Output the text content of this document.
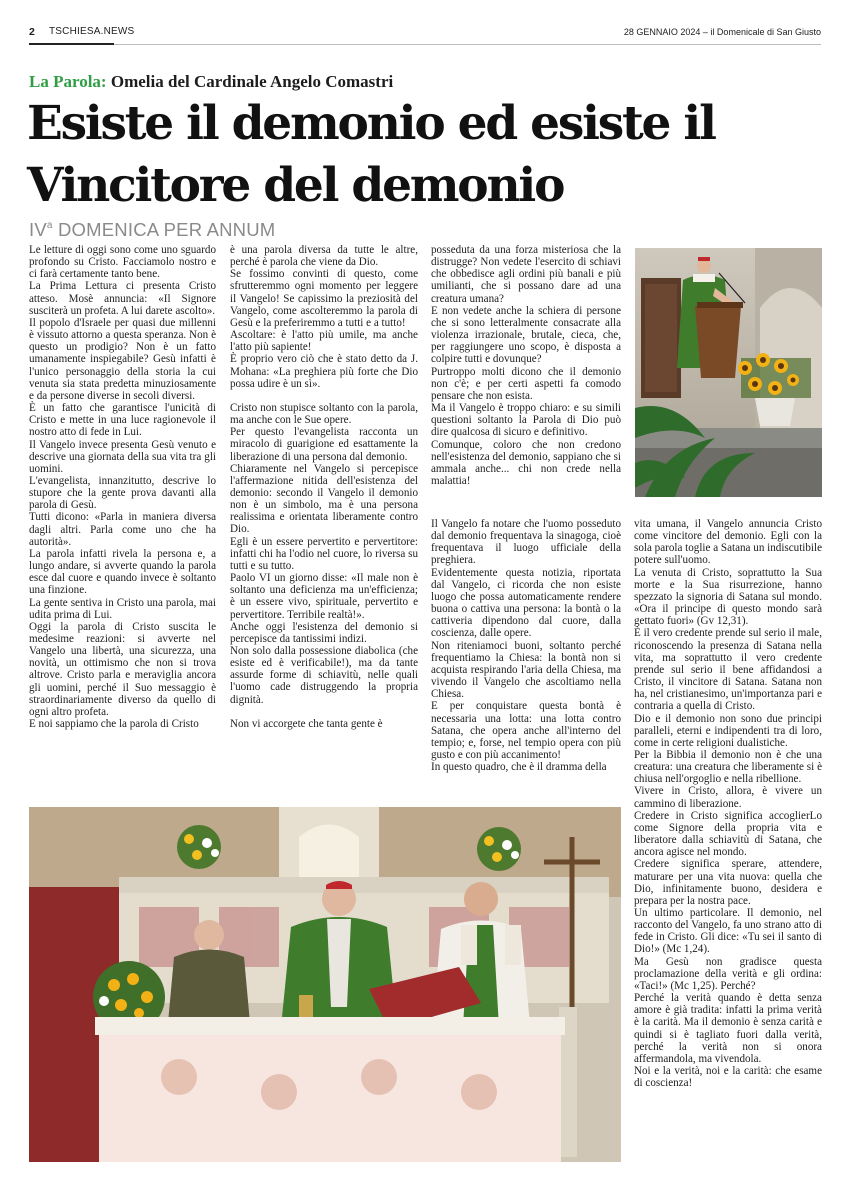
2 TSCHIESA.NEWS	28 GENNAIO 2024 – il Domenicale di San Giusto
La Parola: Omelia del Cardinale Angelo Comastri
Esiste il demonio ed esiste il
Vincitore del demonio
$IV^a$ DOMENICA PER ANNUM

Le letture di oggi sono come uno sguardo profondo su Cristo. Facciamolo nostro e ci farà certamente tanto bene.

La Prima Lettura ci presenta Cristo atteso. Mosè annuncia: «Il Signore susciterà un profeta. A lui darete ascolto».

Il popolo d'Israele per quasi due millenni è vissuto attorno a questa speranza. Non è questo un prodigio? Non è un fatto umanamente inspiegabile? Gesù infatti è l'unico personaggio della storia la cui venuta sia stata predetta minuziosamente e da persone diverse in secoli diversi.

È un fatto che garantisce l'unicità di Cristo e mette in una luce ragionevole il nostro atto di fede in Lui.

Il Vangelo invece presenta Gesù venuto e descrive una giornata della sua vita tra gli uomini.

L'evangelista, innanzitutto, descrive lo stupore che la gente prova davanti alla parola di Gesù.

Tutti dicono: «Parla in maniera diversa dagli altri. Parla come uno che ha autorità».

La parola infatti rivela la persona e, a lungo andare, si avverte quando la parola esce dal cuore e quando invece è soltanto una finzione.

La gente sentiva in Cristo una parola, mai udita prima di Lui.

Oggi la parola di Cristo suscita le medesime reazioni: si avverte nel Vangelo una libertà, una sicurezza, una novità, un ottimismo che non si trova altrove. Cristo parla e meraviglia ancora gli uomini, perché il Suo messaggio è straordinariamente diverso da quello di ogni altro profeta.

E noi sappiamo che la parola di Cristo

è una parola diversa da tutte le altre, perché è parola che viene da Dio.

Se fossimo convinti di questo, come sfrutteremmo ogni momento per leggere il Vangelo! Se capissimo la preziosità del Vangelo, come ascolteremmo la parola di Gesù e la preferiremmo a tutti e a tutto!

Ascoltare: è l'atto più umile, ma anche l'atto più sapiente!

È proprio vero ciò che è stato detto da J. Mohana: «La preghiera più forte che Dio possa udire è un sì».

Cristo non stupisce soltanto con la parola, ma anche con le Sue opere.

Per questo l'evangelista racconta un miracolo di guarigione ed esattamente la liberazione di una persona dal demonio.

Chiaramente nel Vangelo si percepisce l'affermazione nitida dell'esistenza del demonio: secondo il Vangelo il demonio non è un simbolo, ma è una persona realissima e orientata liberamente contro Dio.

Egli è un essere pervertito e pervertitore: infatti chi ha l'odio nel cuore, lo riversa su tutti e su tutto.

Paolo VI un giorno disse: «Il male non è soltanto una deficienza ma un'efficienza; è un essere vivo, spirituale, pervertito e pervertitore. Terribile realtà!».

Anche oggi l'esistenza del demonio si percepisce da tantissimi indizi.

Non solo dalla possessione diabolica (che esiste ed è verificabile!), ma da tante assurde forme di schiavitù, nelle quali l'uomo cade distruggendo la propria dignità.

Non vi accorgete che tanta gente è

posseduta da una forza misteriosa che la distrugge? Non vedete l'esercito di schiavi che obbedisce agli ordini più banali e più umilianti, che si possano dare ad una creatura umana?

E non vedete anche la schiera di persone che si sono letteralmente consacrate alla violenza irrazionale, brutale, cieca, che, per raggiungere uno scopo, è disposta a colpire tutti e dovunque?

Purtroppo molti dicono che il demonio non c'è; e per certi aspetti fa comodo pensare che non esista.

Ma il Vangelo è troppo chiaro: e su simili questioni soltanto la Parola di Dio può dire qualcosa di sicuro e definitivo.

Comunque, coloro che non credono nell'esistenza del demonio, sappiano che si ammala anche... chi non crede nella malattia!

Il Vangelo fa notare che l'uomo posseduto dal demonio frequentava la sinagoga, cioè frequentava il luogo ufficiale della preghiera.

Evidentemente questa notizia, riportata dal Vangelo, ci ricorda che non esiste luogo che possa automaticamente rendere buona o cattiva una persona: la bontà o la cattiveria dipendono dal cuore, dalla coscienza, dalle opere.

Non riteniamoci buoni, soltanto perché frequentiamo la Chiesa: la bontà non si acquista respirando l'aria della Chiesa, ma vivendo il Vangelo che ascoltiamo nella Chiesa.

E per conquistare questa bontà è necessaria una lotta: una lotta contro Satana, che opera anche all'interno del tempio; e, forse, nel tempio opera con più gusto e con più accanimento!

In questo quadro, che è il dramma della

vita umana, il Vangelo annuncia Cristo come vincitore del demonio. Egli con la sola parola toglie a Satana un indiscutibile potere sull'uomo.

La venuta di Cristo, soprattutto la Sua morte e la Sua risurrezione, hanno spezzato la signoria di Satana sul mondo. «Ora il principe di questo mondo sarà gettato fuori» (Gv 12,31).

È il vero credente prende sul serio il male, riconoscendo la presenza di Satana nella vita, ma soprattutto il vero credente prende sul serio il bene affidandosi a Cristo, il vincitore di Satana. Satana non ha, nel cristianesimo, un'importanza pari e contraria a quella di Cristo.

Dio e il demonio non sono due principi paralleli, eterni e indipendenti tra di loro, come in certe religioni dualistiche.

Per la Bibbia il demonio non è che una creatura: una creatura che liberamente si è chiusa nell'orgoglio e nella ribellione.

Vivere in Cristo, allora, è vivere un cammino di liberazione.

Credere in Cristo significa accoglierLo come Signore della propria vita e liberatore dalla schiavitù di Satana, che ancora agisce nel mondo.

Credere significa sperare, attendere, maturare per una vita nuova: quella che Dio, infinitamente buono, desidera e prepara per la nostra pace.

Un ultimo particolare. Il demonio, nel racconto del Vangelo, fa uno strano atto di fede in Cristo. Gli dice: «Tu sei il santo di Dio!» (Mc 1,24).

Ma Gesù non gradisce questa proclamazione della verità e gli ordina: «Taci!» (Mc 1,25). Perché?

Perché la verità quando è detta senza amore è già tradita: infatti la prima verità è la carità. Ma il demonio è senza carità e quindi si è tagliato fuori dalla verità, perché la verità non si onora affermandola, ma vivendola.

Noi e la verità, noi e la carità: che esame di coscienza!
